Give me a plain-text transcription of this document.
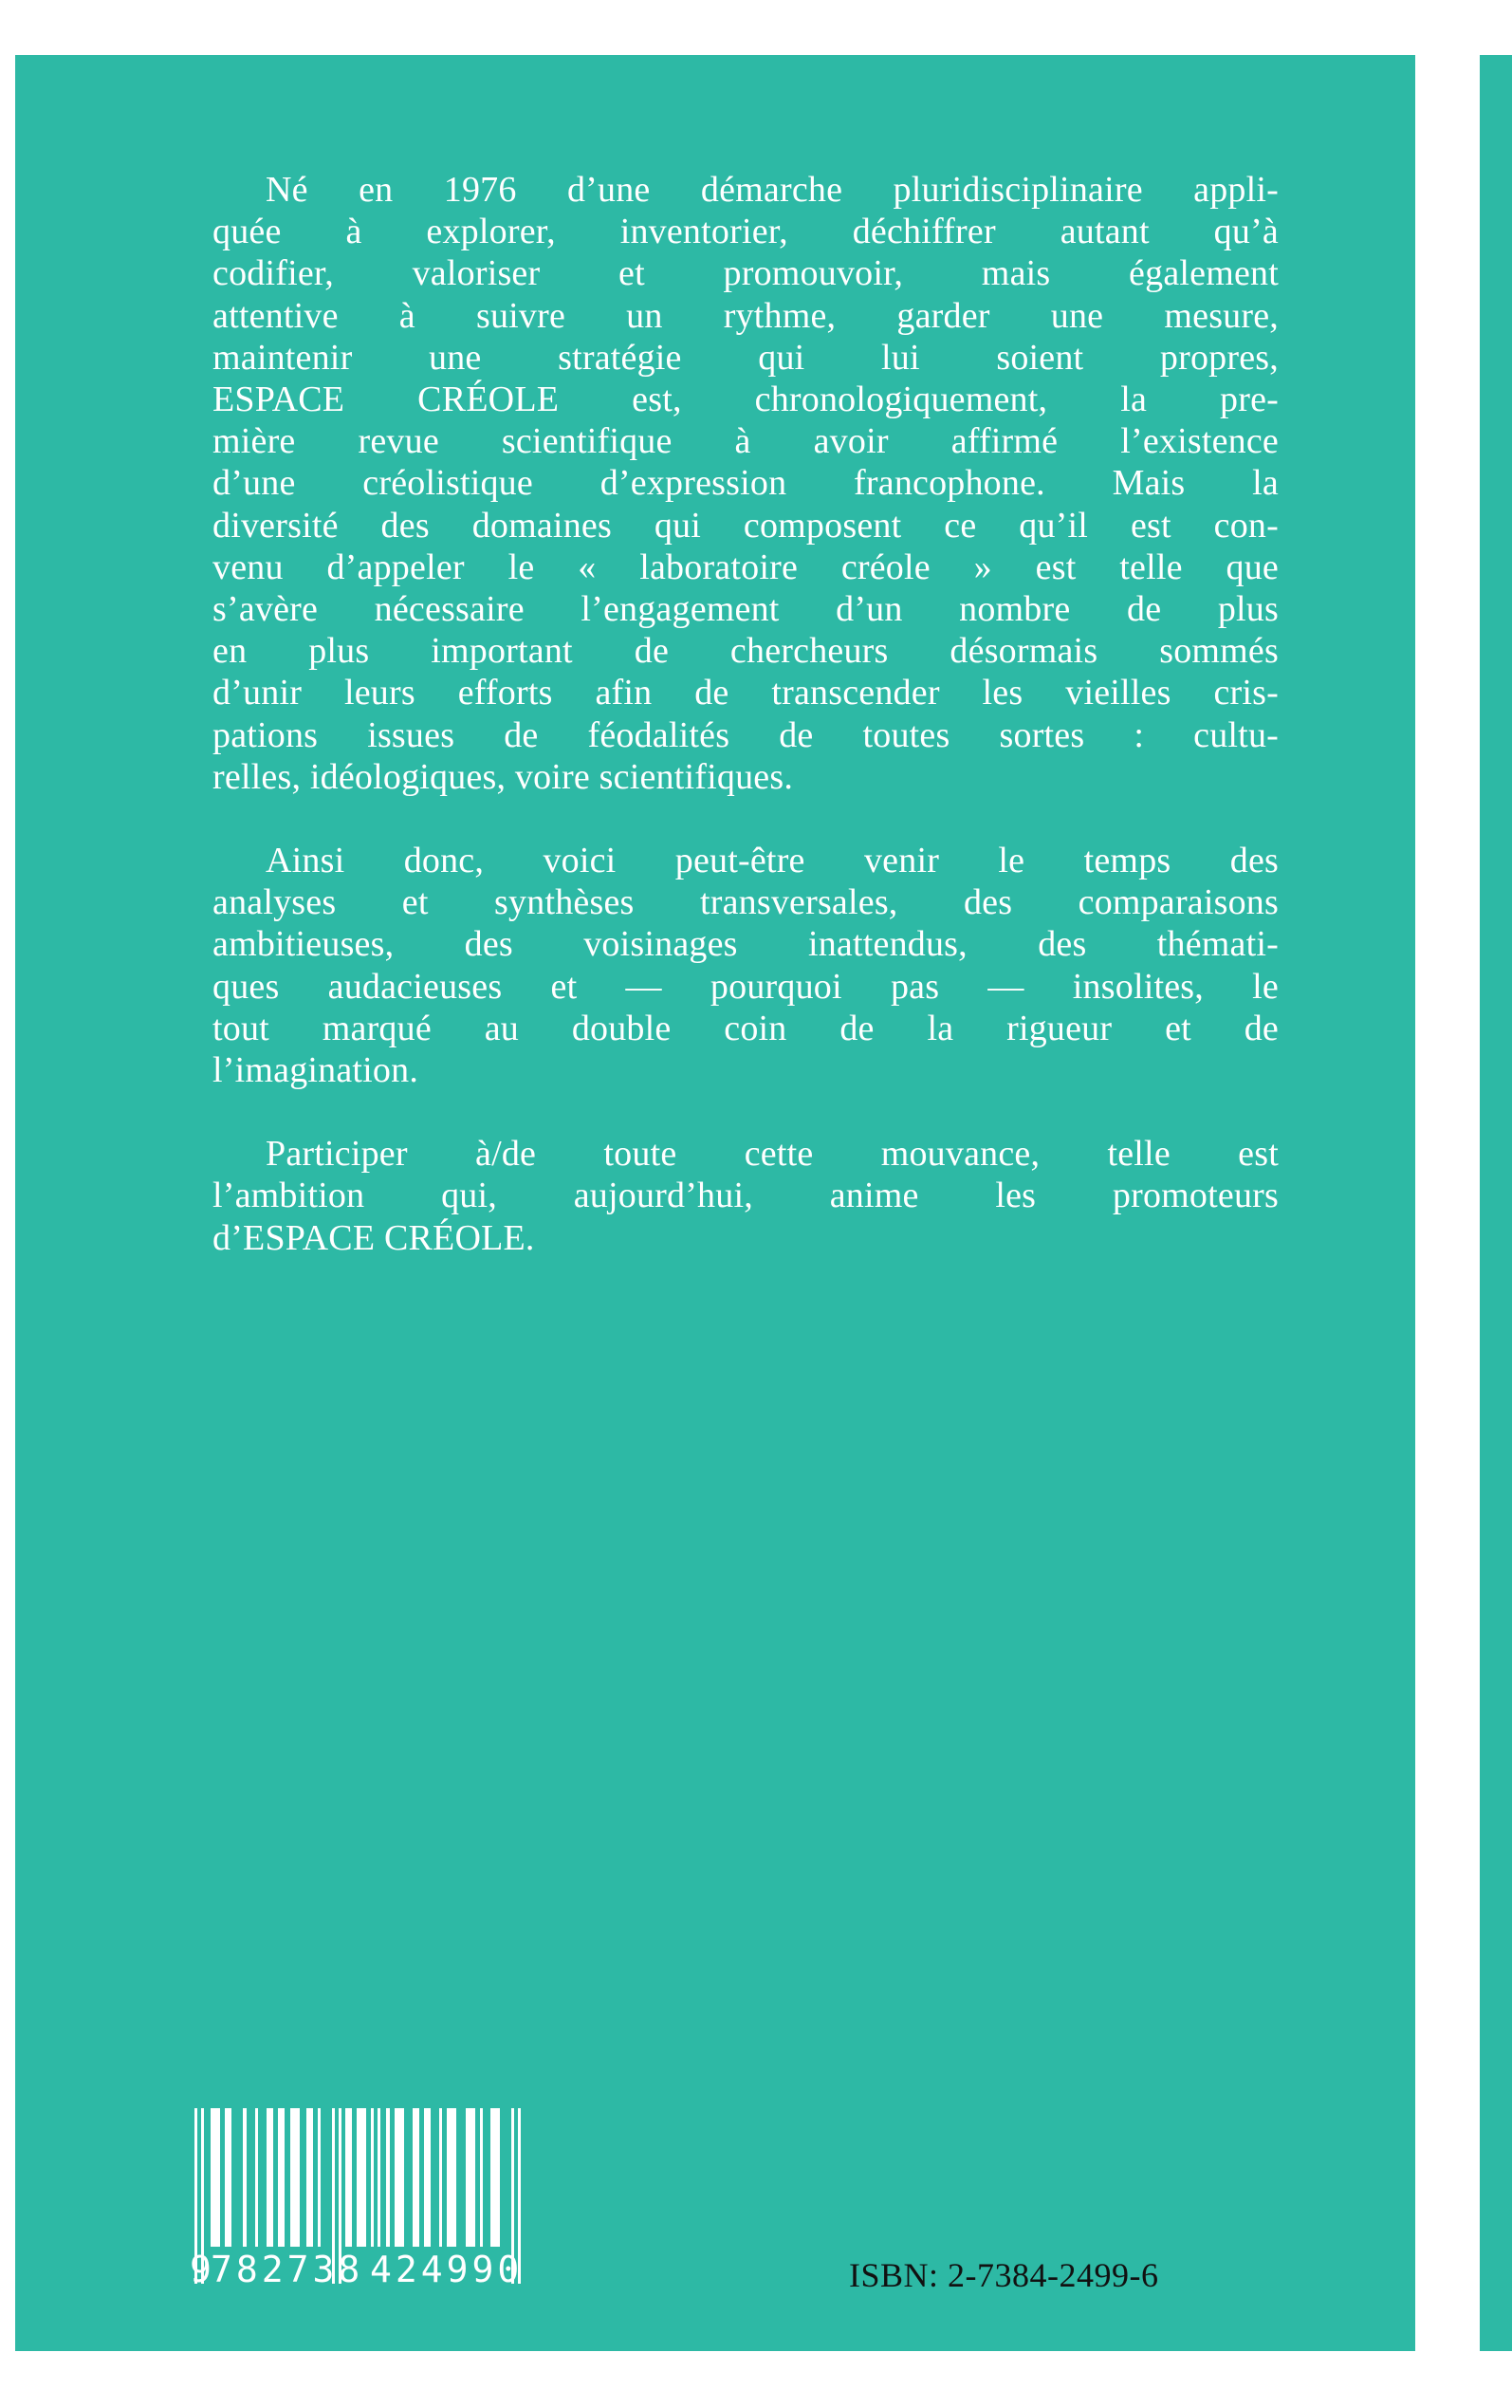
Né en 1976 d’une démarche pluridisciplinaire appli-
quée à explorer, inventorier, déchiffrer autant qu’à
codifier, valoriser et promouvoir, mais également
attentive à suivre un rythme, garder une mesure,
maintenir une stratégie qui lui soient propres,
ESPACE CRÉOLE est, chronologiquement, la pre-
mière revue scientifique à avoir affirmé l’existence
d’une créolistique d’expression francophone. Mais la
diversité des domaines qui composent ce qu’il est con-
venu d’appeler le « laboratoire créole » est telle que
s’avère nécessaire l’engagement d’un nombre de plus
en plus important de chercheurs désormais sommés
d’unir leurs efforts afin de transcender les vieilles cris-
pations issues de féodalités de toutes sortes : cultu-
relles, idéologiques, voire scientifiques.

Ainsi donc, voici peut-être venir le temps des
analyses et synthèses transversales, des comparaisons
ambitieuses, des voisinages inattendus, des thémati-
ques audacieuses et — pourquoi pas — insolites, le
tout marqué au double coin de la rigueur et de
l’imagination.

Participer à/de toute cette mouvance, telle est
l’ambition qui, aujourd’hui, anime les promoteurs
d’ESPACE CRÉOLE.

9 782738 424990	ISBN: 2-7384-2499-6
